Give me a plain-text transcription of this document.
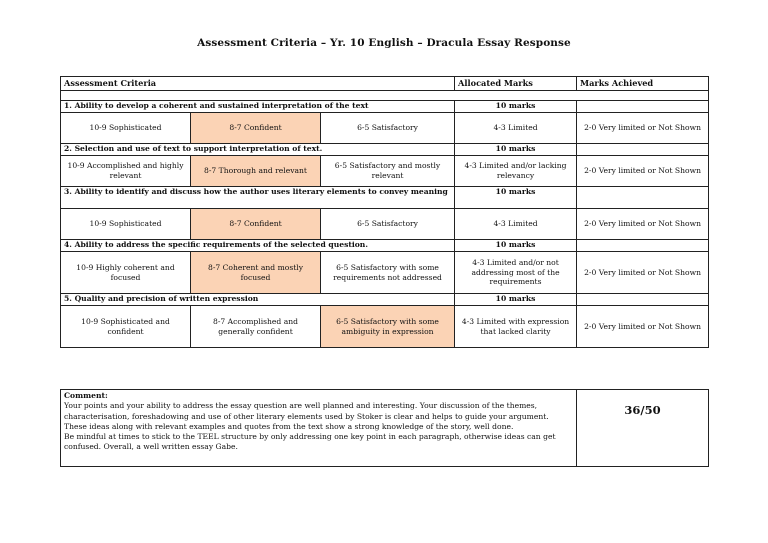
Assessment Criteria – Yr. 10 English – Dracula Essay Response
Assessment Criteria			Allocated Marks	Marks Achieved

1. Ability to develop a coherent and sustained interpretation of the text			10 marks	
10-9 Sophisticated	8-7 Confident	6-5 Satisfactory	4-3 Limited	2-0 Very limited or Not Shown
2. Selection and use of text to support interpretation of text.			10 marks	
10-9 Accomplished and highly relevant	8-7 Thorough and relevant	6-5 Satisfactory and mostly relevant	4-3 Limited and/or lacking relevancy	2-0 Very limited or Not Shown
3. Ability to identify and discuss how the author uses literary elements to convey meaning			10 marks	
10-9 Sophisticated	8-7 Confident	6-5 Satisfactory	4-3 Limited	2-0 Very limited or Not Shown
4. Ability to address the specific requirements of the selected question.			10 marks	
10-9 Highly coherent and focused	8-7 Coherent and mostly focused	6-5 Satisfactory with some requirements not addressed	4-3 Limited and/or not addressing most of the requirements	2-0 Very limited or Not Shown
5. Quality and precision of written expression			10 marks	
10-9 Sophisticated and confident	8-7 Accomplished and generally confident	6-5 Satisfactory with some ambiguity in expression	4-3 Limited with expression that lacked clarity	2-0 Very limited or Not Shown
Comment:
Your points and your ability to address the essay question are well planned and interesting. Your discussion of the themes, characterisation, foreshadowing and use of other literary elements used by Stoker is clear and helps to guide your argument. These ideas along with relevant examples and quotes from the text show a strong knowledge of the story, well done.
Be mindful at times to stick to the TEEL structure by only addressing one key point in each paragraph, otherwise ideas can get confused. Overall, a well written essay Gabe.
	36/50
